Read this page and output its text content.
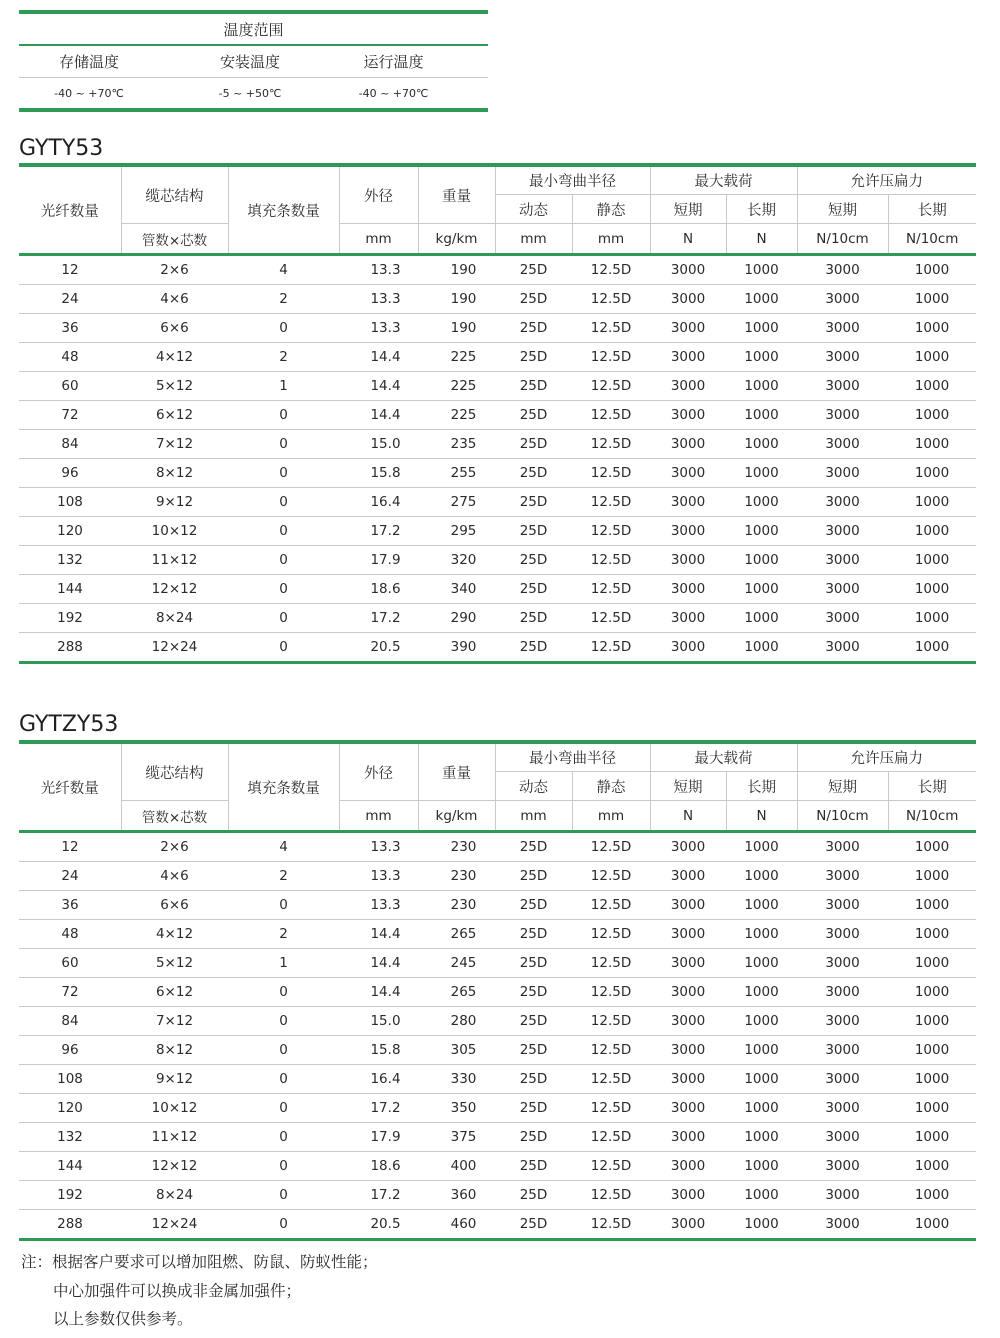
温度范围
存储温度	安装温度	运行温度
-40 ~ +70℃	-5 ~ +50℃	-40 ~ +70℃
GYTY53
光纤数量	缆芯结构	填充条数量	外径	重量	最小弯曲半径		最大载荷		允许压扁力	
					动态	静态	短期	长期	短期	长期
	管数×芯数		mm	kg/km	mm	mm	N	N	N/10cm	N/10cm
12	2×6	4	13.3	190	25D	12.5D	3000	1000	3000	1000
24	4×6	2	13.3	190	25D	12.5D	3000	1000	3000	1000
36	6×6	0	13.3	190	25D	12.5D	3000	1000	3000	1000
48	4×12	2	14.4	225	25D	12.5D	3000	1000	3000	1000
60	5×12	1	14.4	225	25D	12.5D	3000	1000	3000	1000
72	6×12	0	14.4	225	25D	12.5D	3000	1000	3000	1000
84	7×12	0	15.0	235	25D	12.5D	3000	1000	3000	1000
96	8×12	0	15.8	255	25D	12.5D	3000	1000	3000	1000
108	9×12	0	16.4	275	25D	12.5D	3000	1000	3000	1000
120	10×12	0	17.2	295	25D	12.5D	3000	1000	3000	1000
132	11×12	0	17.9	320	25D	12.5D	3000	1000	3000	1000
144	12×12	0	18.6	340	25D	12.5D	3000	1000	3000	1000
192	8×24	0	17.2	290	25D	12.5D	3000	1000	3000	1000
288	12×24	0	20.5	390	25D	12.5D	3000	1000	3000	1000
GYTZY53
光纤数量	缆芯结构	填充条数量	外径	重量	最小弯曲半径		最大载荷		允许压扁力	
					动态	静态	短期	长期	短期	长期
	管数×芯数		mm	kg/km	mm	mm	N	N	N/10cm	N/10cm
12	2×6	4	13.3	230	25D	12.5D	3000	1000	3000	1000
24	4×6	2	13.3	230	25D	12.5D	3000	1000	3000	1000
36	6×6	0	13.3	230	25D	12.5D	3000	1000	3000	1000
48	4×12	2	14.4	265	25D	12.5D	3000	1000	3000	1000
60	5×12	1	14.4	245	25D	12.5D	3000	1000	3000	1000
72	6×12	0	14.4	265	25D	12.5D	3000	1000	3000	1000
84	7×12	0	15.0	280	25D	12.5D	3000	1000	3000	1000
96	8×12	0	15.8	305	25D	12.5D	3000	1000	3000	1000
108	9×12	0	16.4	330	25D	12.5D	3000	1000	3000	1000
120	10×12	0	17.2	350	25D	12.5D	3000	1000	3000	1000
132	11×12	0	17.9	375	25D	12.5D	3000	1000	3000	1000
144	12×12	0	18.6	400	25D	12.5D	3000	1000	3000	1000
192	8×24	0	17.2	360	25D	12.5D	3000	1000	3000	1000
288	12×24	0	20.5	460	25D	12.5D	3000	1000	3000	1000
注：根据客户要求可以增加阻燃、防鼠、防蚁性能；
中心加强件可以换成非金属加强件；
以上参数仅供参考。
